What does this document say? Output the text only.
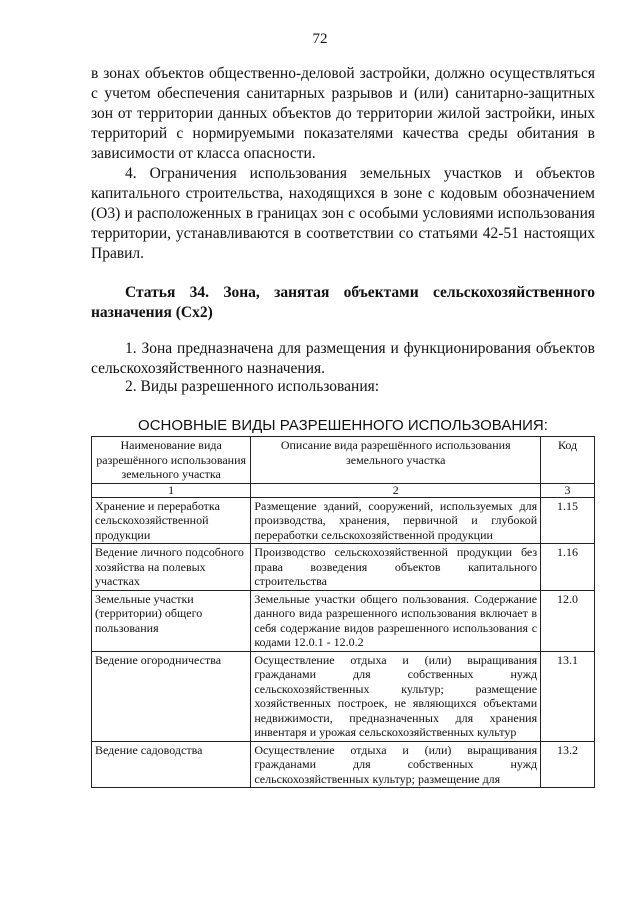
72

в зонах объектов общественно-деловой застройки, должно осуществляться с учетом обеспечения санитарных разрывов и (или) санитарно-защитных зон от территории данных объектов до территории жилой застройки, иных территорий с нормируемыми показателями качества среды обитания в зависимости от класса опасности.

4. Ограничения использования земельных участков и объектов капитального строительства, находящихся в зоне с кодовым обозначением (О3) и расположенных в границах зон с особыми условиями использования территории, устанавливаются в соответствии со статьями 42-51 настоящих Правил.

Статья 34. Зона, занятая объектами сельскохозяйственного назначения (Сх2)

1. Зона предназначена для размещения и функционирования объектов сельскохозяйственного назначения.

2. Виды разрешенного использования:

ОСНОВНЫЕ ВИДЫ РАЗРЕШЕННОГО ИСПОЛЬЗОВАНИЯ:
Наименование вида разрешённого использования земельного участка	Описание вида разрешённого использования земельного участка	Код
1	2	3
Хранение и переработка сельскохозяйственной продукции	Размещение зданий, сооружений, используемых для производства, хранения, первичной и глубокой переработки сельскохозяйственной продукции	1.15
Ведение личного подсобного хозяйства на полевых участках	Производство сельскохозяйственной продукции без права возведения объектов капитального строительства	1.16
Земельные участки (территории) общего пользования	Земельные участки общего пользования. Содержание данного вида разрешенного использования включает в себя содержание видов разрешенного использования с кодами 12.0.1 - 12.0.2	12.0
Ведение огородничества	Осуществление отдыха и (или) выращивания гражданами для собственных нужд сельскохозяйственных культур; размещение хозяйственных построек, не являющихся объектами недвижимости, предназначенных для хранения инвентаря и урожая сельскохозяйственных культур	13.1
Ведение садоводства	Осуществление отдыха и (или) выращивания гражданами для собственных нужд сельскохозяйственных культур; размещение для	13.2
